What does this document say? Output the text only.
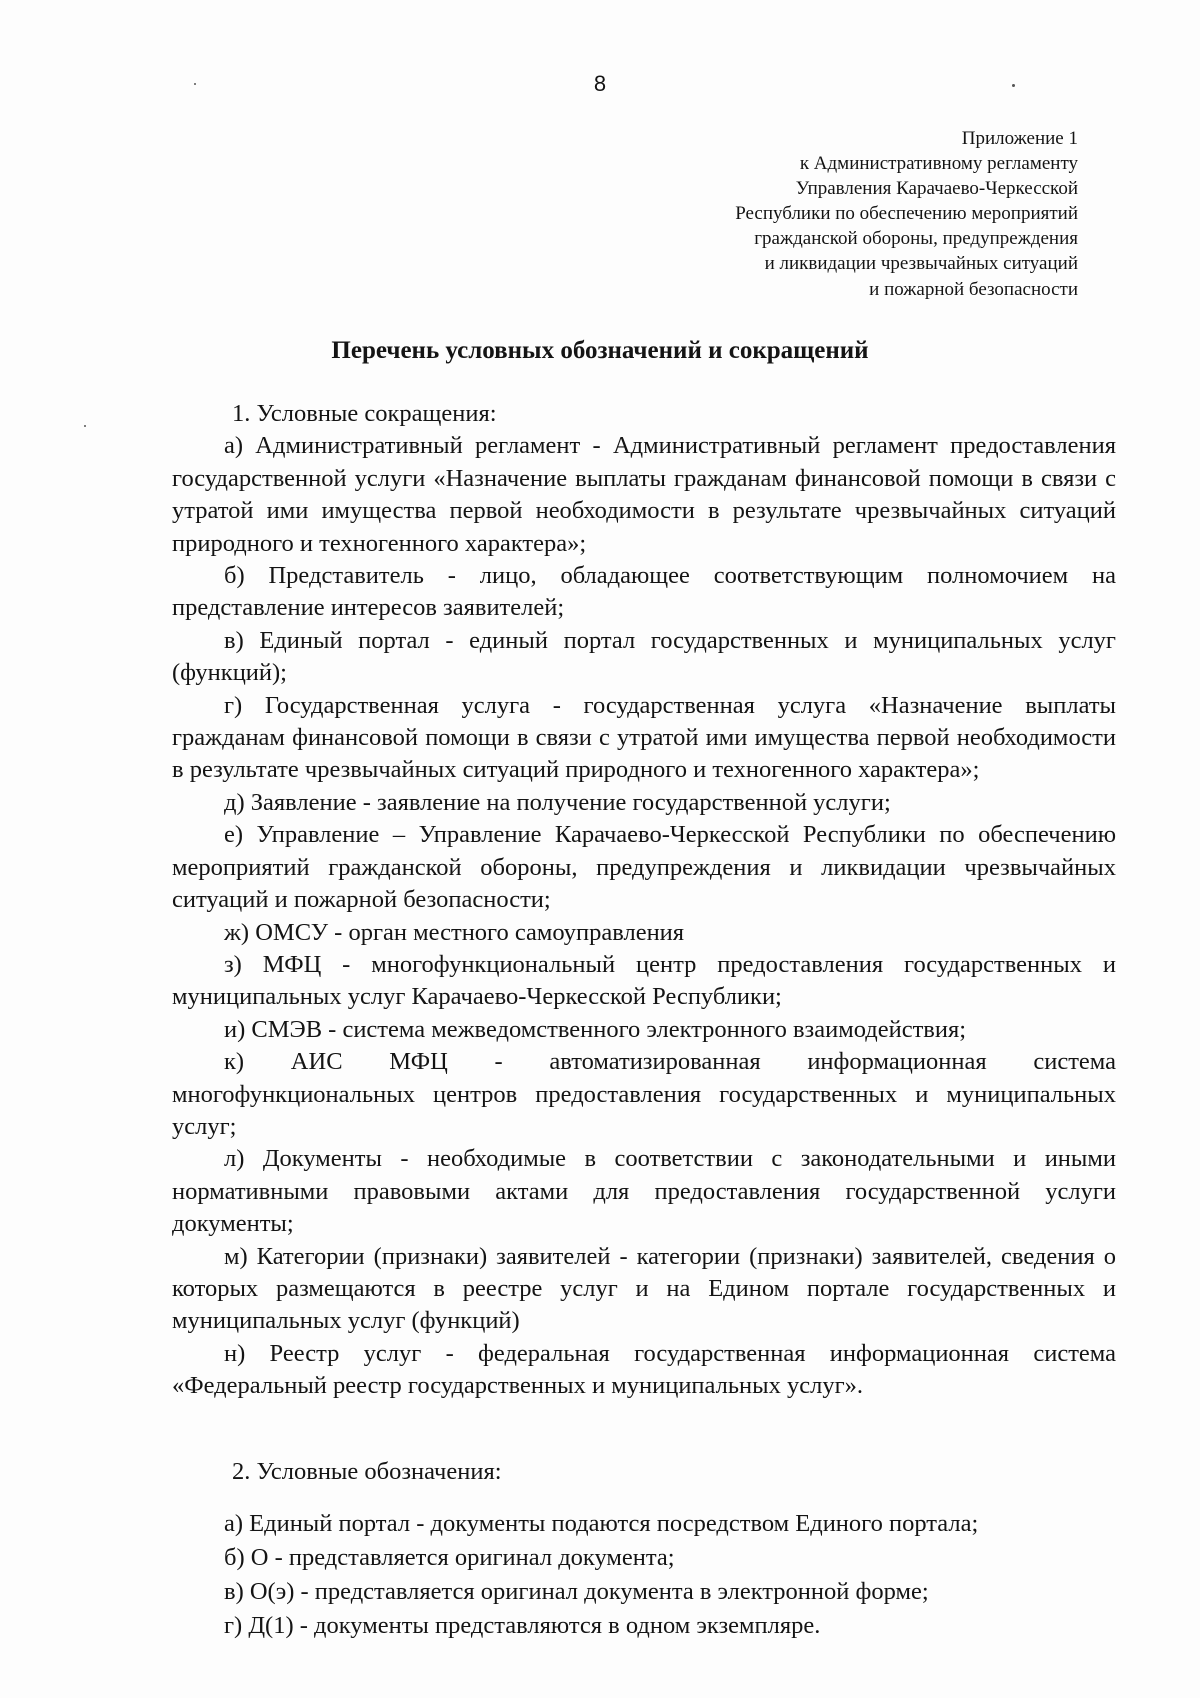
8
Приложение 1
к Административному регламенту
Управления Карачаево-Черкесской
Республики по обеспечению мероприятий
гражданской обороны, предупреждения
и ликвидации чрезвычайных ситуаций
и пожарной безопасности
Перечень условных обозначений и сокращений

1. Условные сокращения:

а) Административный регламент - Административный регламент предоставления государственной услуги «Назначение выплаты гражданам финансовой помощи в связи с утратой ими имущества первой необходимости в результате чрезвычайных ситуаций природного и техногенного характера»;

б) Представитель - лицо, обладающее соответствующим полномочием на представление интересов заявителей;

в) Единый портал - единый портал государственных и муниципальных услуг (функций);

г) Государственная услуга - государственная услуга «Назначение выплаты гражданам финансовой помощи в связи с утратой ими имущества первой необходимости в результате чрезвычайных ситуаций природного и техногенного характера»;

д) Заявление - заявление на получение государственной услуги;

е) Управление – Управление Карачаево-Черкесской Республики по обеспечению мероприятий гражданской обороны, предупреждения и ликвидации чрезвычайных ситуаций и пожарной безопасности;

ж) ОМСУ - орган местного самоуправления

з) МФЦ - многофункциональный центр предоставления государственных и муниципальных услуг Карачаево-Черкесской Республики;

и) СМЭВ - система межведомственного электронного взаимодействия;

к) АИС МФЦ - автоматизированная информационная система многофункциональных центров предоставления государственных и муниципальных услуг;

л) Документы - необходимые в соответствии с законодательными и иными нормативными правовыми актами для предоставления государственной услуги документы;

м) Категории (признаки) заявителей - категории (признаки) заявителей, сведения о которых размещаются в реестре услуг и на Едином портале государственных и муниципальных услуг (функций)

н) Реестр услуг - федеральная государственная информационная система «Федеральный реестр государственных и муниципальных услуг».

2. Условные обозначения:

а) Единый портал - документы подаются посредством Единого портала;

б) О - представляется оригинал документа;

в) О(э) - представляется оригинал документа в электронной форме;

г) Д(1) - документы представляются в одном экземпляре.
